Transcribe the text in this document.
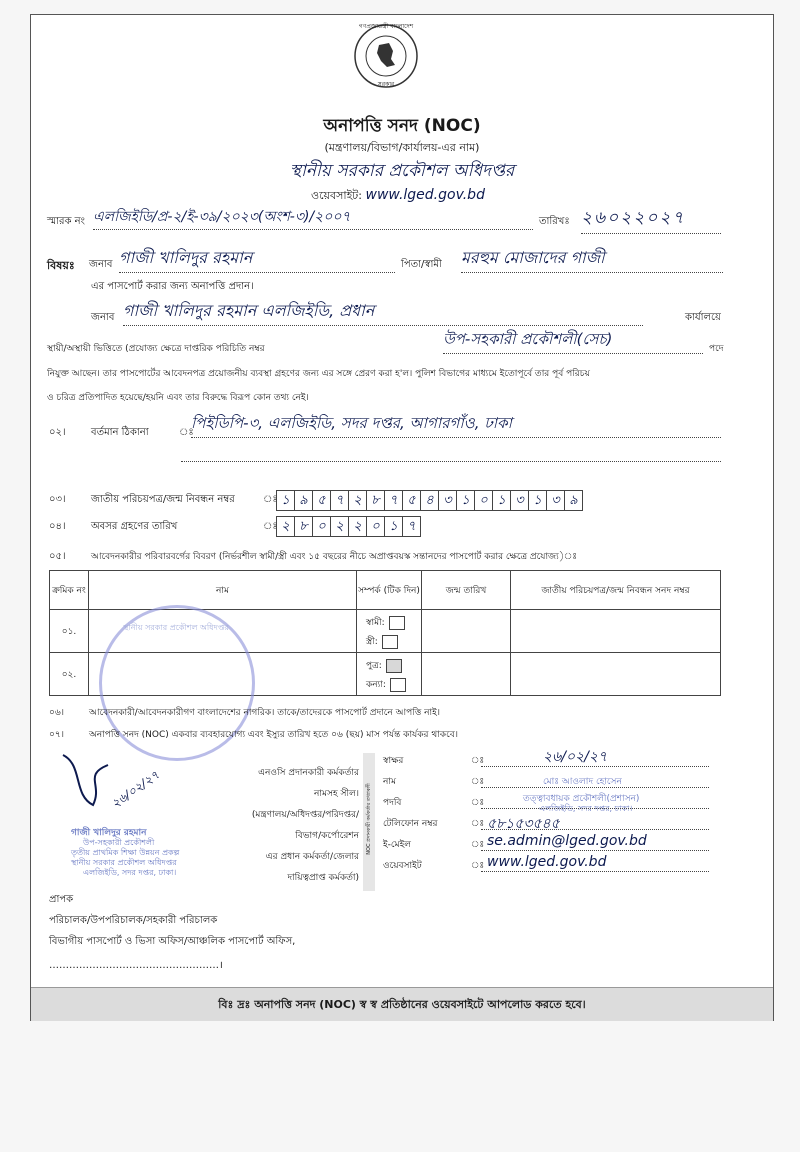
গণপ্রজাতন্ত্রী বাংলাদেশ
সরকার
অনাপত্তি সনদ (NOC)
(মন্ত্রণালয়/বিভাগ/কার্যালয়-এর নাম)
স্থানীয় সরকার প্রকৌশল অধিদপ্তর
ওয়েবসাইট: www.lged.gov.bd
স্মারক নং এলজিইডি/প্র-২/ই-৩৯/২০২৩(অংশ-৩)/২০০৭	তারিখঃ ২৬০২২০২৭
বিষয়ঃ জনাব গাজী খালিদুর রহমান	পিতা/স্বামী মরহুম মোজাদের গাজী
এর পাসপোর্ট করার জন্য অনাপত্তি প্রদান।
জনাব গাজী খালিদুর রহমান এলজিইডি, প্রধান	কার্যালয়ে
স্থায়ী/অস্থায়ী ভিত্তিতে (প্রযোজ্য ক্ষেত্রে দাপ্তরিক পরিচিতি নম্বর
উপ-সহকারী প্রকৌশলী(সেচ)
পদে
নিযুক্ত আছেন। তার পাসপোর্টের আবেদনপত্র প্রয়োজনীয় ব্যবস্থা গ্রহণের জন্য এর সঙ্গে প্রেরণ করা হ'ল। পুলিশ বিভাগের মাধ্যমে ইতোপূর্বে তার পূর্ব পরিচয়
ও চরিত্র প্রতিপাদিত হয়েছে/হয়নি এবং তার বিরুদ্ধে বিরূপ কোন তথ্য নেই।
০২।	বর্তমান ঠিকানা	ঃ
পিইডিপি-৩, এলজিইডি, সদর দপ্তর, আগারগাঁও, ঢাকা
০৩।	জাতীয় পরিচয়পত্র/জন্ম নিবন্ধন নম্বর	ঃ ১ ৯ ৫ ৭ ২ ৮ ৭ ৫ ৪ ৩ ১ ০ ১ ৩ ১ ৩ ৯
০৪।	অবসর গ্রহণের তারিখ	ঃ ২ ৮ ০ ২ ২ ০ ১ ৭
০৫।	আবেদনকারীর পরিবারবর্গের বিবরণ (নির্ভরশীল স্বামী/স্ত্রী এবং ১৫ বছরের নীচে অপ্রাপ্তবয়স্ক সন্তানদের পাসপোর্ট করার ক্ষেত্রে প্রযোজ্য)ঃ
ক্রমিক নং	নাম	সম্পর্ক (টিক দিন)	জন্ম তারিখ	জাতীয় পরিচয়পত্র/জন্ম নিবন্ধন সনদ নম্বর
০১.		স্বামী:
স্ত্রী:		

০২.		পুত্র:
কন্যা:		

স্থানীয় সরকার প্রকৌশল অধিদপ্তর
০৬।	আবেদনকারী/আবেদনকারীগণ বাংলাদেশের নাগরিক। তাকে/তাদেরকে পাসপোর্ট প্রদানে আপত্তি নাই।
০৭।	অনাপত্তি সনদ (NOC) একবার ব্যবহারযোগ্য এবং ইস্যুর তারিখ হতে ০৬ (ছয়) মাস পর্যন্ত কার্যকর থাকবে।
২৬/০২/২৭
গাজী খালিদুর রহমান
উপ-সহকারী প্রকৌশলী
তৃতীয় প্রাথমিক শিক্ষা উন্নয়ন প্রকল্প
স্থানীয় সরকার প্রকৌশল অধিদপ্তর
এলজিইডি, সদর দপ্তর, ঢাকা।
এনওসি প্রদানকারী কর্মকর্তার
নামসহ সীল।
(মন্ত্রণালয়/অধিদপ্তর/পরিদপ্তর/
বিভাগ/কর্পোরেশন
এর প্রধান কর্মকর্তা/জেলার
দায়িত্বপ্রাপ্ত কর্মকর্তা)
NOC প্রদানকারী কর্মকর্তার তথ্যাবলী
স্বাক্ষর	ঃ	২৬/০২/২৭
নাম	ঃ	মোঃ আওলাদ হোসেন
পদবি	ঃ	তত্ত্বাবধায়ক প্রকৌশলী(প্রশাসন)
এলজিইডি, সদর দপ্তর, ঢাকা।
টেলিফোন নম্বর	ঃ ৫৮১৫৩৫৪৫
ই-মেইল	ঃ se.admin@lged.gov.bd
ওয়েবসাইট	ঃ www.lged.gov.bd
প্রাপক
পরিচালক/উপপরিচালক/সহকারী পরিচালক
বিভাগীয় পাসপোর্ট ও ভিসা অফিস/আঞ্চলিক পাসপোর্ট অফিস,
……………………………………………।
বিঃ দ্রঃ অনাপত্তি সনদ (NOC) স্ব স্ব প্রতিষ্ঠানের ওয়েবসাইটে আপলোড করতে হবে।
